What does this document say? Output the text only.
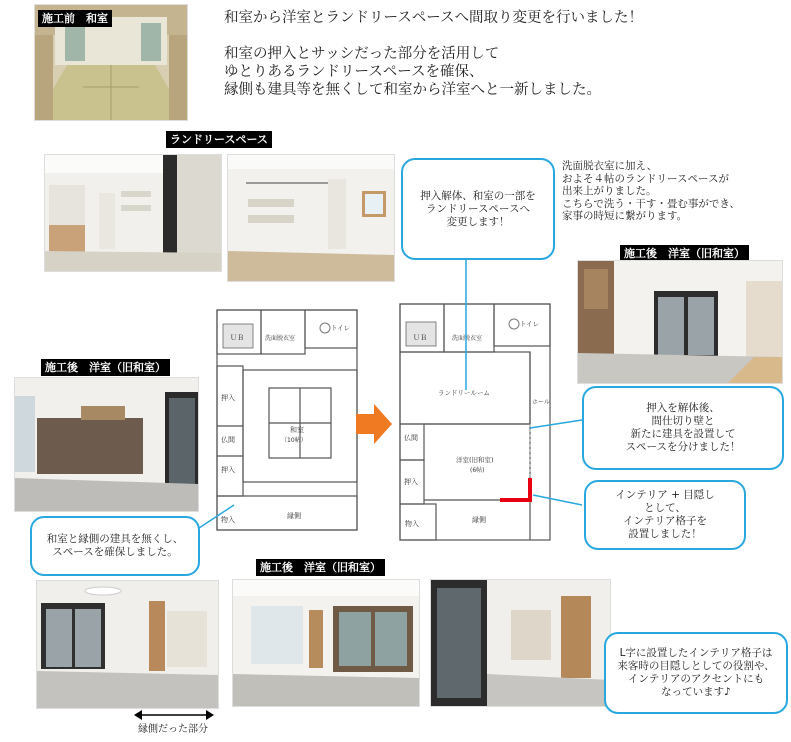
施工前　和室	和室から洋室とランドリースペースへ間取り変更を行いました！
和室の押入とサッシだった部分を活用して
ゆとりあるランドリースペースを確保、
縁側も建具等を無くして和室から洋室へと一新しました。
ランドリースペース
洗面脱衣室に加え、
およそ４帖のランドリースペースが
出来上がりました。
こちらで洗う・干す・畳む事ができ、
家事の時短に繋がります。
施工後　洋室（旧和室）
施工後　洋室（旧和室）
ＵＢ	洗面脱衣室
トイレ
押入
和室
（10帖）
仏間
押入
物入	縁側
ＵＢ	洗面脱衣室
トイレ
ランドリールーム
ホール
仏間
洋室(旧和室)
(6帖)
押入
物入	縁側
押入解体、和室の一部を
ランドリースペースへ
変更します！
押入を解体後、
間仕切り壁と
新たに建具を設置して
スペースを分けました！
インテリア + 目隠し
として、
インテリア格子を
設置しました！
和室と縁側の建具を無くし、
スペースを確保しました。
施工後　洋室（旧和室）
L字に設置したインテリア格子は
来客時の目隠しとしての役割や、
インテリアのアクセントにも
なっています♪
縁側だった部分
